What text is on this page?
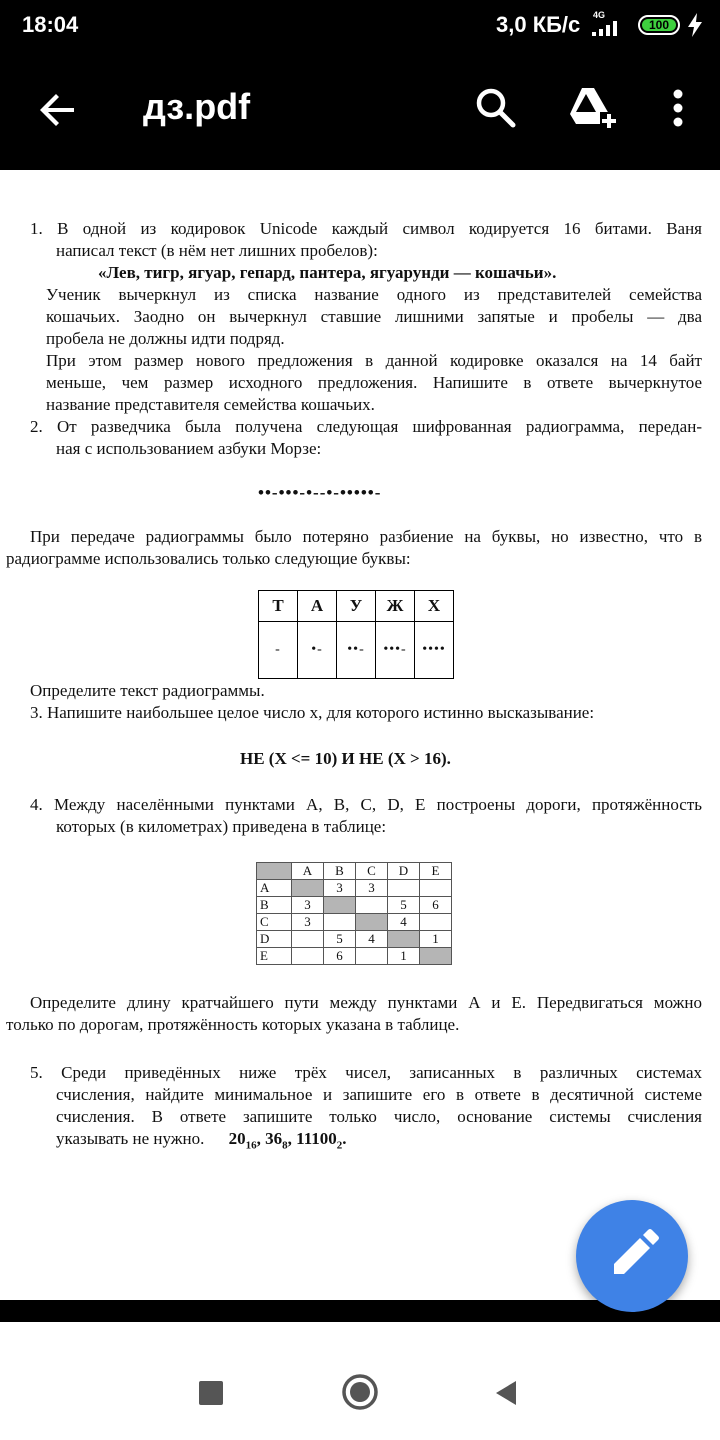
18:04	3,0 КБ/с 4G
100
дз.pdf
1. В одной из кодировок Unicode каждый символ кодируется 16 битами. Ваня
написал текст (в нём нет лишних пробелов):
«Лев, тигр, ягуар, гепард, пантера, ягуарунди — кошачьи».
Ученик вычеркнул из списка название одного из представителей семейства
кошачьих. Заодно он вычеркнул ставшие лишними запятые и пробелы — два
пробела не должны идти подряд.
При этом размер нового предложения в данной кодировке оказался на 14 байт
меньше, чем размер исходного предложения. Напишите в ответе вычеркнутое
название представителя семейства кошачьих.
2. От разведчика была получена следующая шифрованная радиограмма, передан-
ная с использованием азбуки Морзе:
••-•••-•--•-•••••-
При передаче радиограммы было потеряно разбиение на буквы, но известно, что в
радиограмме использовались только следующие буквы:
Т	А	У	Ж	Х
-	•-	••-	•••-	••••
Определите текст радиограммы.
3. Напишите наибольшее целое число x, для которого истинно высказывание:
НЕ (X <= 10) И НЕ (X > 16).
4. Между населёнными пунктами A, B, C, D, E построены дороги, протяжённость
которых (в километрах) приведена в таблице:
	A	B	C	D	E
A		3	3		
B	3			5	6
C	3			4	
D		5	4		1
E		6		1	
Определите длину кратчайшего пути между пунктами А и Е. Передвигаться можно
только по дорогам, протяжённость которых указана в таблице.
5. Среди приведённых ниже трёх чисел, записанных в различных системах
счисления, найдите минимальное и запишите его в ответе в десятичной системе
счисления. В ответе запишите только число, основание системы счисления
указывать не нужно. $20_{16}$, $36_8$, $11100_2$.
